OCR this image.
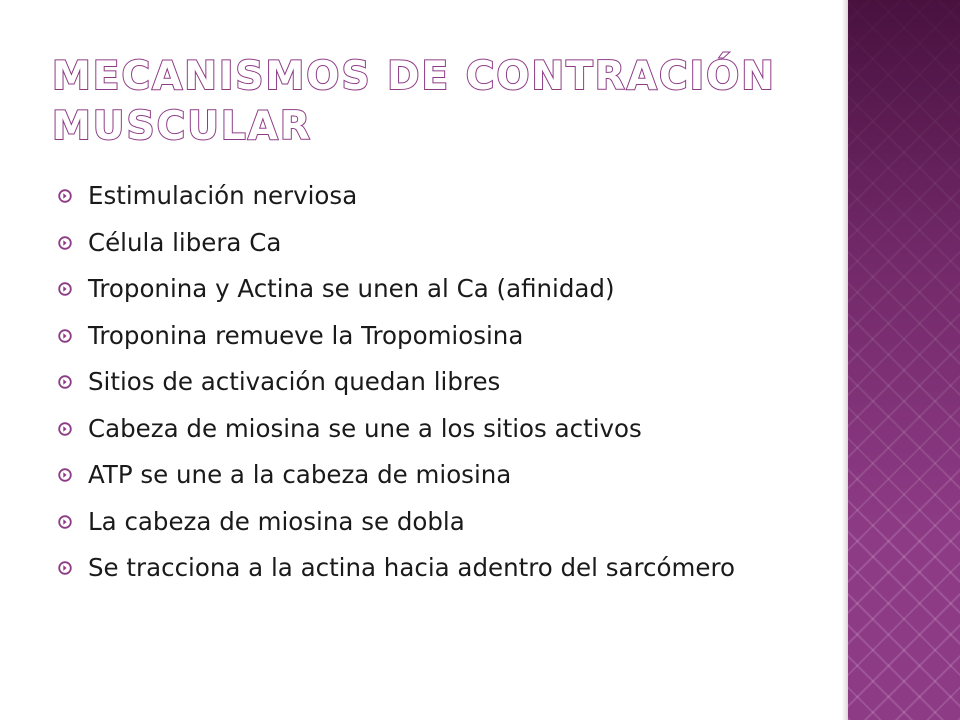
MECANISMOS DE CONTRACIÓN MUSCULAR
Estimulación nerviosa
Célula libera Ca
Troponina y Actina se unen al Ca (afinidad)
Troponina remueve la Tropomiosina
Sitios de activación quedan libres
Cabeza de miosina se une a los sitios activos
ATP se une a la cabeza de miosina
La cabeza de miosina se dobla
Se tracciona a la actina hacia adentro del sarcómero
